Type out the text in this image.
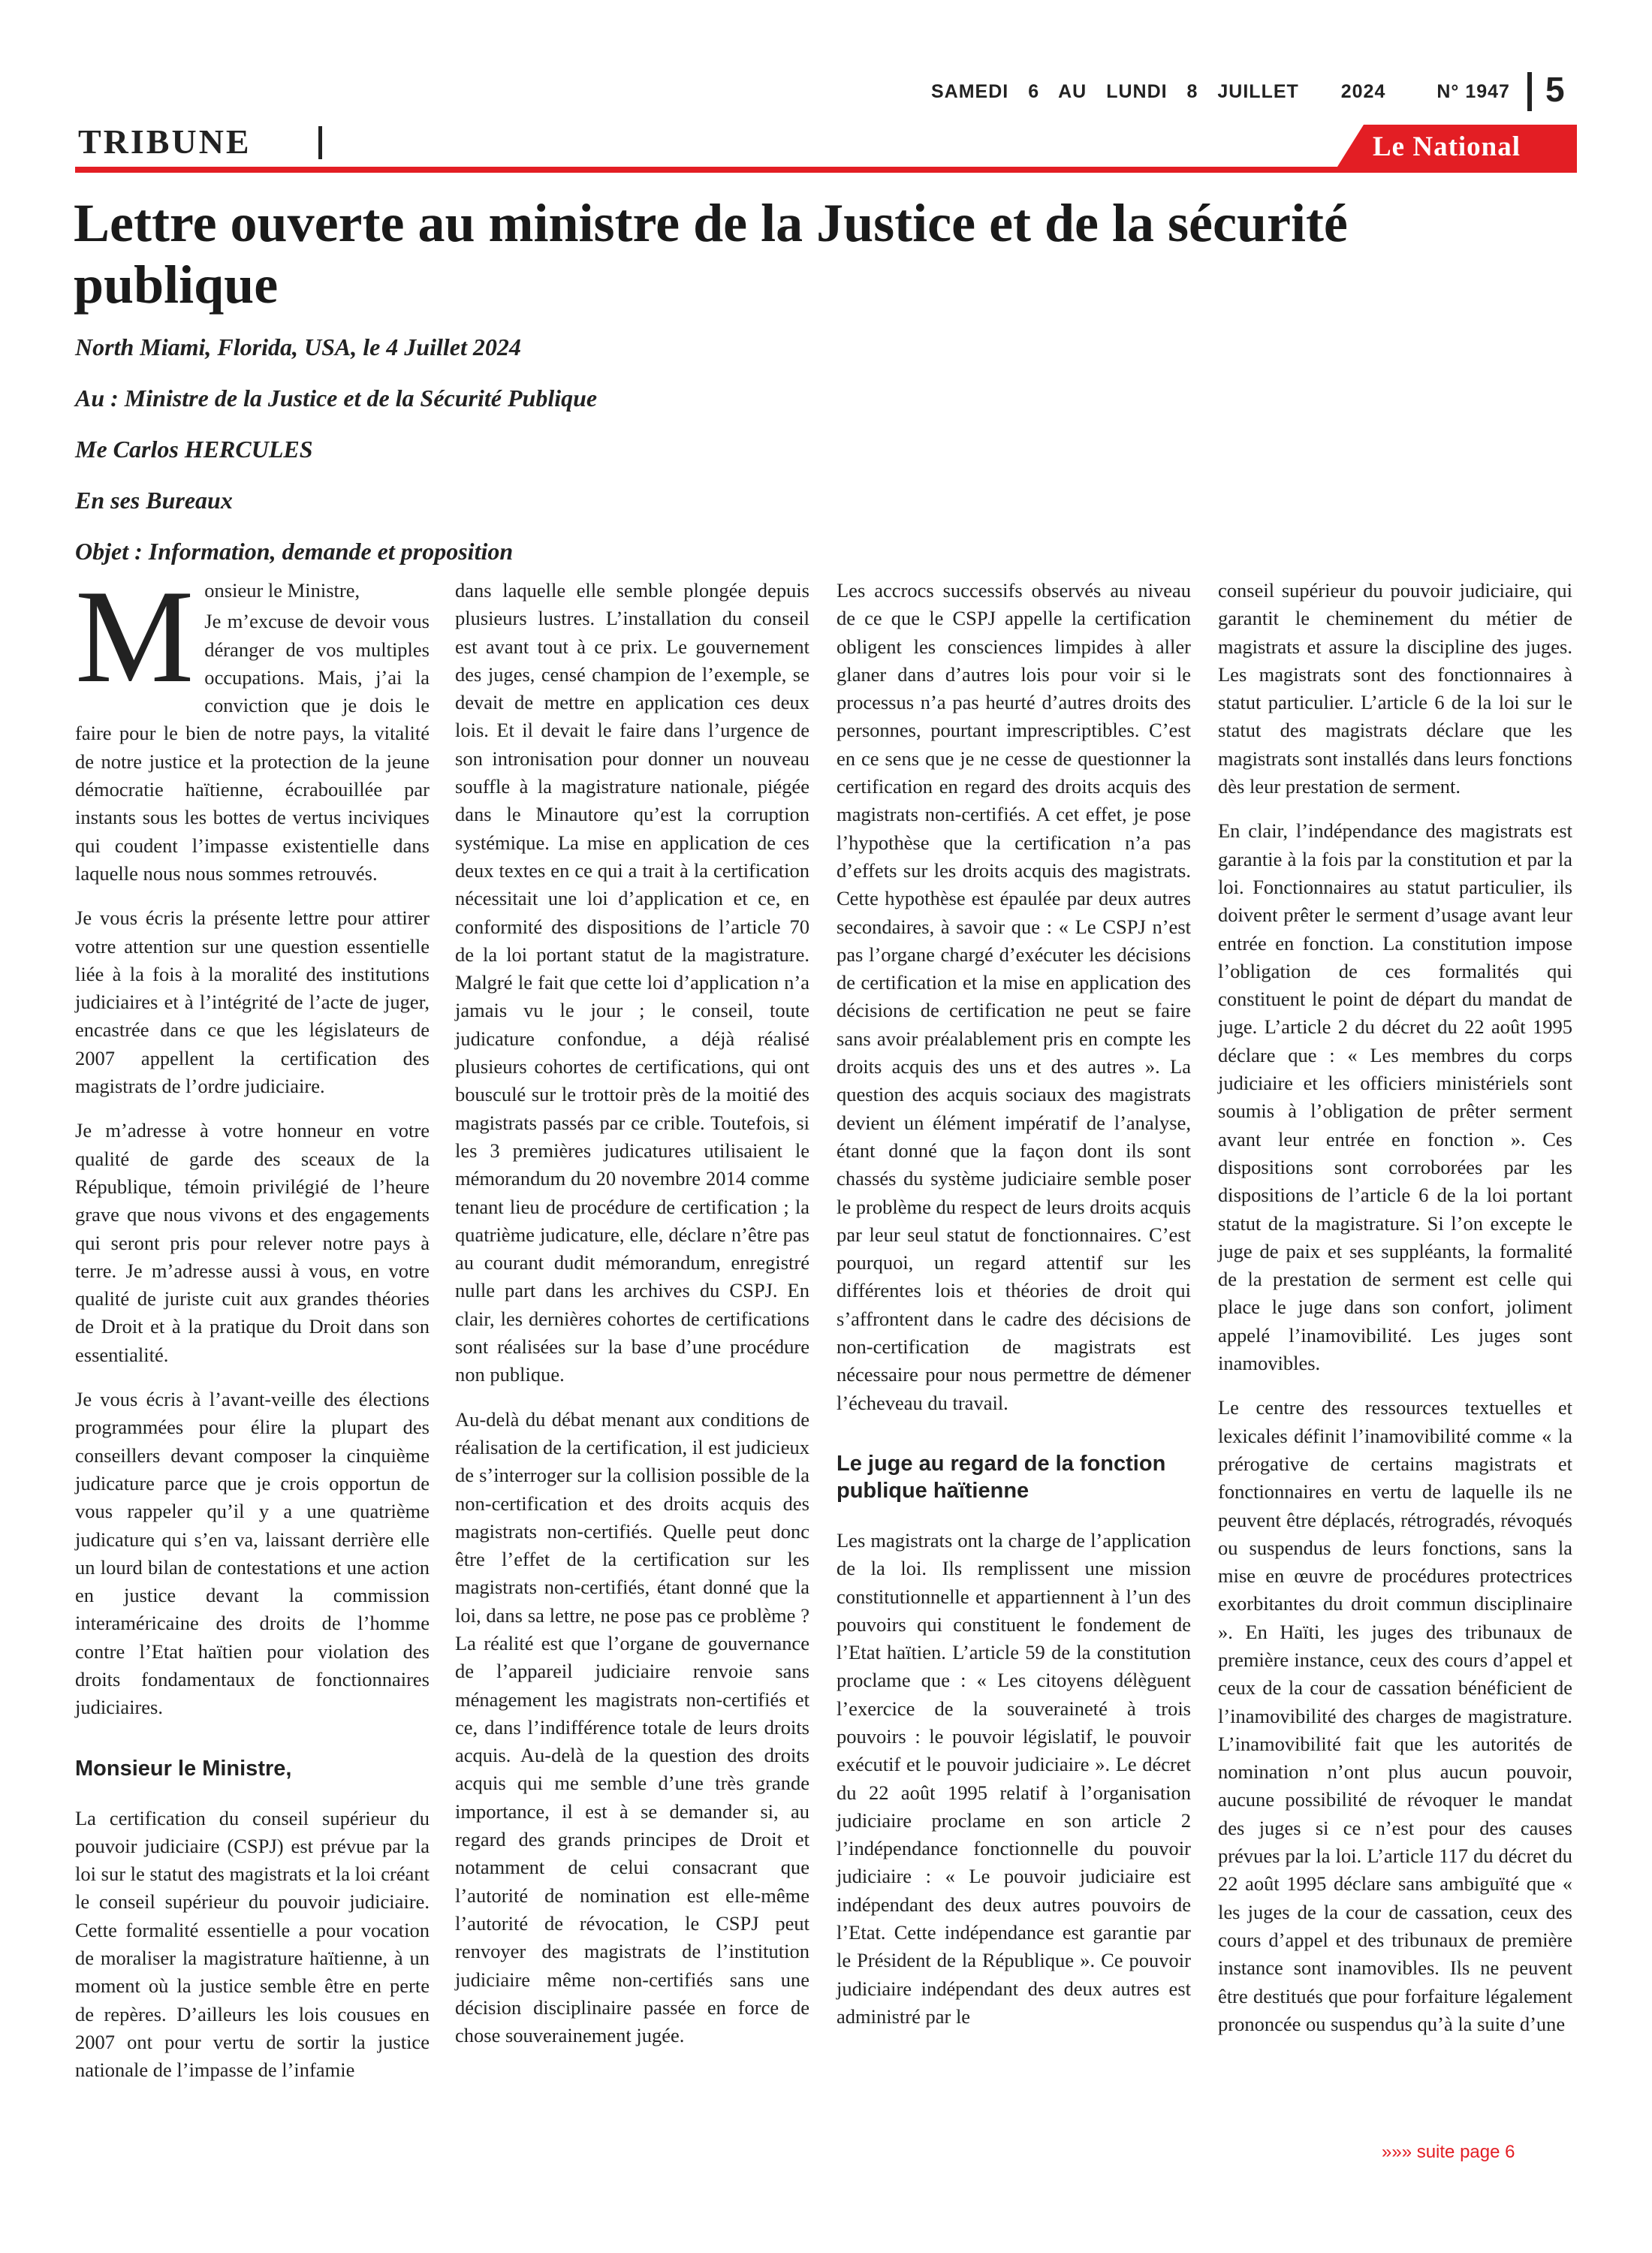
SAMEDI 6 AU LUNDI 8 JUILLET 2024	N° 1947	5
TRIBUNE	Le National
Lettre ouverte au ministre de la Justice et de la sécurité publique

North Miami, Florida, USA, le 4 Juillet 2024

Au : Ministre de la Justice et de la Sécurité Publique

Me Carlos HERCULES

En ses Bureaux

Objet : Information, demande et proposition

M onsieur le Ministre,

Je m’excuse de devoir vous déranger de vos multiples occupations. Mais, j’ai la conviction que je dois le faire pour le bien de notre pays, la vitalité de notre justice et la protection de la jeune démocratie haïtienne, écrabouillée par instants sous les bottes de vertus inciviques qui coudent l’impasse existentielle dans laquelle nous nous sommes retrouvés.

Je vous écris la présente lettre pour attirer votre attention sur une question essentielle liée à la fois à la moralité des institutions judiciaires et à l’intégrité de l’acte de juger, encastrée dans ce que les législateurs de 2007 appellent la certification des magistrats de l’ordre judiciaire.

Je m’adresse à votre honneur en votre qualité de garde des sceaux de la République, témoin privilégié de l’heure grave que nous vivons et des engagements qui seront pris pour relever notre pays à terre. Je m’adresse aussi à vous, en votre qualité de juriste cuit aux grandes théories de Droit et à la pratique du Droit dans son essentialité.

Je vous écris à l’avant-veille des élections programmées pour élire la plupart des conseillers devant composer la cinquième judicature parce que je crois opportun de vous rappeler qu’il y a une quatrième judicature qui s’en va, laissant derrière elle un lourd bilan de contestations et une action en justice devant la commission interaméricaine des droits de l’homme contre l’Etat haïtien pour violation des droits fondamentaux de fonctionnaires judiciaires.

Monsieur le Ministre,

La certification du conseil supérieur du pouvoir judiciaire (CSPJ) est prévue par la loi sur le statut des magistrats et la loi créant le conseil supérieur du pouvoir judiciaire. Cette formalité essentielle a pour vocation de moraliser la magistrature haïtienne, à un moment où la justice semble être en perte de repères. D’ailleurs les lois cousues en 2007 ont pour vertu de sortir la justice nationale de l’impasse de l’infamie

dans laquelle elle semble plongée depuis plusieurs lustres. L’installation du conseil est avant tout à ce prix. Le gouvernement des juges, censé champion de l’exemple, se devait de mettre en application ces deux lois. Et il devait le faire dans l’urgence de son intronisation pour donner un nouveau souffle à la magistrature nationale, piégée dans le Minautore qu’est la corruption systémique. La mise en application de ces deux textes en ce qui a trait à la certification nécessitait une loi d’application et ce, en conformité des dispositions de l’article 70 de la loi portant statut de la magistrature. Malgré le fait que cette loi d’application n’a jamais vu le jour ; le conseil, toute judicature confondue, a déjà réalisé plusieurs cohortes de certifications, qui ont bousculé sur le trottoir près de la moitié des magistrats passés par ce crible. Toutefois, si les 3 premières judicatures utilisaient le mémorandum du 20 novembre 2014 comme tenant lieu de procédure de certification ; la quatrième judicature, elle, déclare n’être pas au courant dudit mémorandum, enregistré nulle part dans les archives du CSPJ. En clair, les dernières cohortes de certifications sont réalisées sur la base d’une procédure non publique.

Au-delà du débat menant aux conditions de réalisation de la certification, il est judicieux de s’interroger sur la collision possible de la non-certification et des droits acquis des magistrats non-certifiés. Quelle peut donc être l’effet de la certification sur les magistrats non-certifiés, étant donné que la loi, dans sa lettre, ne pose pas ce problème ? La réalité est que l’organe de gouvernance de l’appareil judiciaire renvoie sans ménagement les magistrats non-certifiés et ce, dans l’indifférence totale de leurs droits acquis. Au-delà de la question des droits acquis qui me semble d’une très grande importance, il est à se demander si, au regard des grands principes de Droit et notamment de celui consacrant que l’autorité de nomination est elle-même l’autorité de révocation, le CSPJ peut renvoyer des magistrats de l’institution judiciaire même non-certifiés sans une décision disciplinaire passée en force de chose souverainement jugée.

Les accrocs successifs observés au niveau de ce que le CSPJ appelle la certification obligent les consciences limpides à aller glaner dans d’autres lois pour voir si le processus n’a pas heurté d’autres droits des personnes, pourtant imprescriptibles. C’est en ce sens que je ne cesse de questionner la certification en regard des droits acquis des magistrats non-certifiés. A cet effet, je pose l’hypothèse que la certification n’a pas d’effets sur les droits acquis des magistrats. Cette hypothèse est épaulée par deux autres secondaires, à savoir que : « Le CSPJ n’est pas l’organe chargé d’exécuter les décisions de certification et la mise en application des décisions de certification ne peut se faire sans avoir préalablement pris en compte les droits acquis des uns et des autres ». La question des acquis sociaux des magistrats devient un élément impératif de l’analyse, étant donné que la façon dont ils sont chassés du système judiciaire semble poser le problème du respect de leurs droits acquis par leur seul statut de fonctionnaires. C’est pourquoi, un regard attentif sur les différentes lois et théories de droit qui s’affrontent dans le cadre des décisions de non-certification de magistrats est nécessaire pour nous permettre de démener l’écheveau du travail.

Le juge au regard de la fonction publique haïtienne

Les magistrats ont la charge de l’application de la loi. Ils remplissent une mission constitutionnelle et appartiennent à l’un des pouvoirs qui constituent le fondement de l’Etat haïtien. L’article 59 de la constitution proclame que : « Les citoyens délèguent l’exercice de la souveraineté à trois pouvoirs : le pouvoir législatif, le pouvoir exécutif et le pouvoir judiciaire ». Le décret du 22 août 1995 relatif à l’organisation judiciaire proclame en son article 2 l’indépendance fonctionnelle du pouvoir judiciaire : « Le pouvoir judiciaire est indépendant des deux autres pouvoirs de l’Etat. Cette indépendance est garantie par le Président de la République ». Ce pouvoir judiciaire indépendant des deux autres est administré par le

conseil supérieur du pouvoir judiciaire, qui garantit le cheminement du métier de magistrats et assure la discipline des juges. Les magistrats sont des fonctionnaires à statut particulier. L’article 6 de la loi sur le statut des magistrats déclare que les magistrats sont installés dans leurs fonctions dès leur prestation de serment.

En clair, l’indépendance des magistrats est garantie à la fois par la constitution et par la loi. Fonctionnaires au statut particulier, ils doivent prêter le serment d’usage avant leur entrée en fonction. La constitution impose l’obligation de ces formalités qui constituent le point de départ du mandat de juge. L’article 2 du décret du 22 août 1995 déclare que : « Les membres du corps judiciaire et les officiers ministériels sont soumis à l’obligation de prêter serment avant leur entrée en fonction ». Ces dispositions sont corroborées par les dispositions de l’article 6 de la loi portant statut de la magistrature. Si l’on excepte le juge de paix et ses suppléants, la formalité de la prestation de serment est celle qui place le juge dans son confort, joliment appelé l’inamovibilité. Les juges sont inamovibles.

Le centre des ressources textuelles et lexicales définit l’inamovibilité comme « la prérogative de certains magistrats et fonctionnaires en vertu de laquelle ils ne peuvent être déplacés, rétrogradés, révoqués ou suspendus de leurs fonctions, sans la mise en œuvre de procédures protectrices exorbitantes du droit commun disciplinaire ». En Haïti, les juges des tribunaux de première instance, ceux des cours d’appel et ceux de la cour de cassation bénéficient de l’inamovibilité des charges de magistrature. L’inamovibilité fait que les autorités de nomination n’ont plus aucun pouvoir, aucune possibilité de révoquer le mandat des juges si ce n’est pour des causes prévues par la loi. L’article 117 du décret du 22 août 1995 déclare sans ambiguïté que « les juges de la cour de cassation, ceux des cours d’appel et des tribunaux de première instance sont inamovibles. Ils ne peuvent être destitués que pour forfaiture légalement prononcée ou suspendus qu’à la suite d’une

»»» suite page 6
